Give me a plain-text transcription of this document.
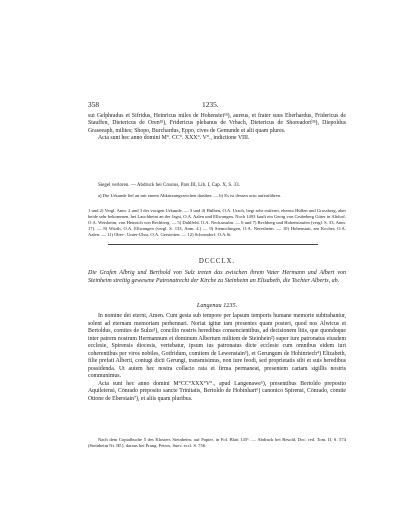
358	1235.

sui Gelphradus et Sifridus, Heinricus miles de Hohenstei¹ⁿ), aureus, et frater suus Eberhardus, Fridericus de Stauffen, Dietericus de Oren²ⁿ), Fridericus plebanus de Vrbach, Dietericus de Shoreadorf³ⁿ), Diepoldus Graseeaph, milites; Shopo, Burchardus, Eppo, cives de Gemunde et alii quam plures.

Acta sunt hec anno domini M°. CC°. XXX°. V°., indictione VIII.

Siegel verloren. — Abdruck bei Crusius, Pars III, Lib. I, Cap. X, S. 33.
a) Die Urkunde lief an mit einem Abkürzungszeichen darüber. — b) Es ist dessen actu aufzuführen.
1 und 2) Vergl. Anm. 2 und 3 der vorigen Urkunde. — 3 und 4) Hülben, O.A. Urach, liegt sehr entfernt, ebenso Hüllen und Grossberg, aber beide sehr bekommen, bei Lauchheim an der Jagst, O.A. Aalen und Ellwangen. Noch 1493 kauft ein Georg von Grubeberg Güter in Altdorf, O.A. Weisheim, von Heinrich von Rechberg. — 5) Dahlfeld, O.A. Neckarsulm. — 6 und 7) Rechberg und Hohenstaufen (vergl. S. 33, Anm. 17). — 8) Würth, O.A. Ellwangen (vergl. S. 133, Anm. 4.) — 9) Stemichingen, O.A. Neresheim. — 10) Hohenstatt, am Kocher, O.A. Aalen. — 11) Ober-, Unter-Uhra, O.A. Gerstetten. — 12) Schorndorf, O.A.St.
DCCCLX.
Die Grafen Albrig und Berthold von Sulz treten das zwischen ihrem Vater Hermann und Albert von Steinheim streitig gewesene Patronatrecht der Kirche zu Steinheim an Elisabeth, die Tochter Alberts, ab.
Langenau 1235.

In nomine dei eterni, Amen. Cum gesta sub tempore per lapsum temporis humane memorie subtrahantur, solent ad eternam memoriam perhennari. Noriat igitur tam presentes quam posteri, quod nos Alwicus et Bertoldus, comites de Sulze¹), concilio nostris heredibus consencientibus, ad decisionem litis, que quondoque inter patrem nostrum Hermannum et dominum Albertum militem de Steinhein²) super iure patronatus eiusdem ecclesie, Spirensis diocesis, vertebatur, ipsum ius patronatus dicte ecclesie cum omnibus eidem iuri coherentibus per viros nobiles, Gotfridum, comitem de Lewenstain³), et Gerungum de Hohinriech⁴) Elizabeth, filie prefati Alberti, coniugi dicti Gerungi, transmisimus, non iure feodi, sed proprietatis sibi et suis heredibus possidenda. Ut autem hec nostra collacio rata et firma permaneat, presentem cartam sigillis nostris communimus.

Acta sunt hec anno domini M°CC°XXX°V°., apud Langenawe⁵), presentibus Bertoldo preposito Aquileiensi, Cōnrado preposito sancte Trinitatis, Bertoldo de Hobinhart⁶) canonico Spirensi, Cōnrado, comite Ottone de Eberstain⁷), et aliis quam pluribus.

Nach dem Copialbuche 5 des Klosters Steinheim, auf Papier, in Fol. Blatt 145ᵇ. — Abdruck bei Besold, Doc. red. Tom. II, S. 574 (Steinheim Nr. III.), daraus bei Prang. Petros, Suev. eccl. S. 756.
